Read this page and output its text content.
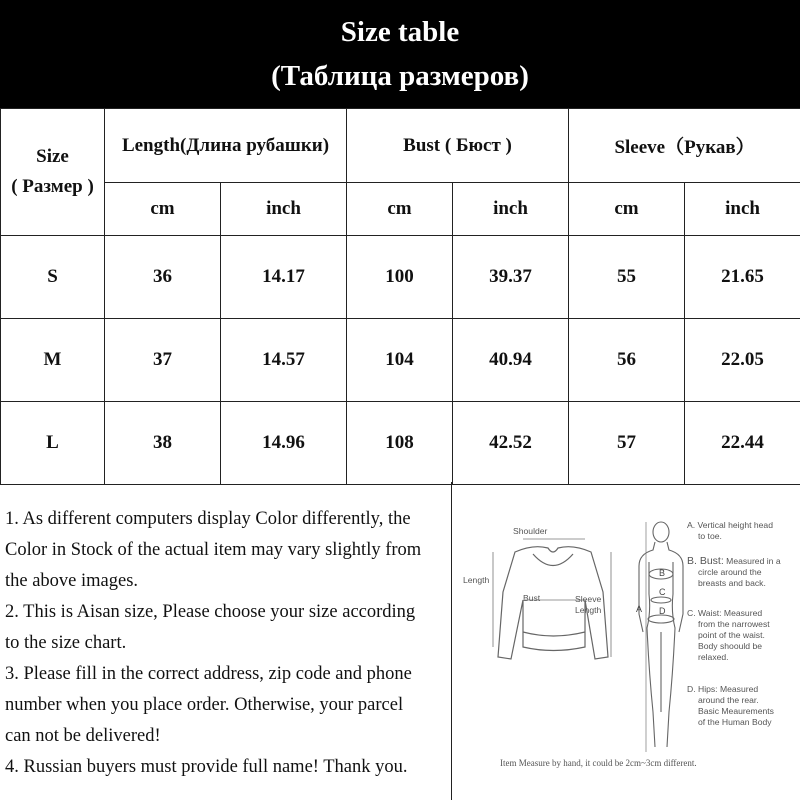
Size table
(Таблица размеров)
Size
( Размер )	Length(Длина рубашки)		Bust ( Бюст )		Sleeve（Рукав）	
	cm	inch	cm	inch	cm	inch
S	36	14.17	100	39.37	55	21.65
M	37	14.57	104	40.94	56	22.05
L	38	14.96	108	42.52	57	22.44
1. As different computers display Color differently, the
Color in Stock of the actual item may vary slightly from
the above images.
2. This is Aisan size, Please choose your size according
to the size chart.
3. Please fill in the correct address, zip code and phone
number when you place order. Otherwise, your parcel
can not be delivered!
4. Russian buyers must provide full name! Thank you.
Shoulder
Length
Bust	Sleeve
Length	A
B
C
D
A. Vertical height head
to toe.
B. Bust: Measured in a
circle around the
breasts and back.
C. Waist: Measured
from the narrowest
point of the waist.
Body shoould be
relaxed.
D. Hips: Measured
around the rear.
Basic Meaurements
of the Human Body
Item Measure by hand, it could be 2cm~3cm different.
